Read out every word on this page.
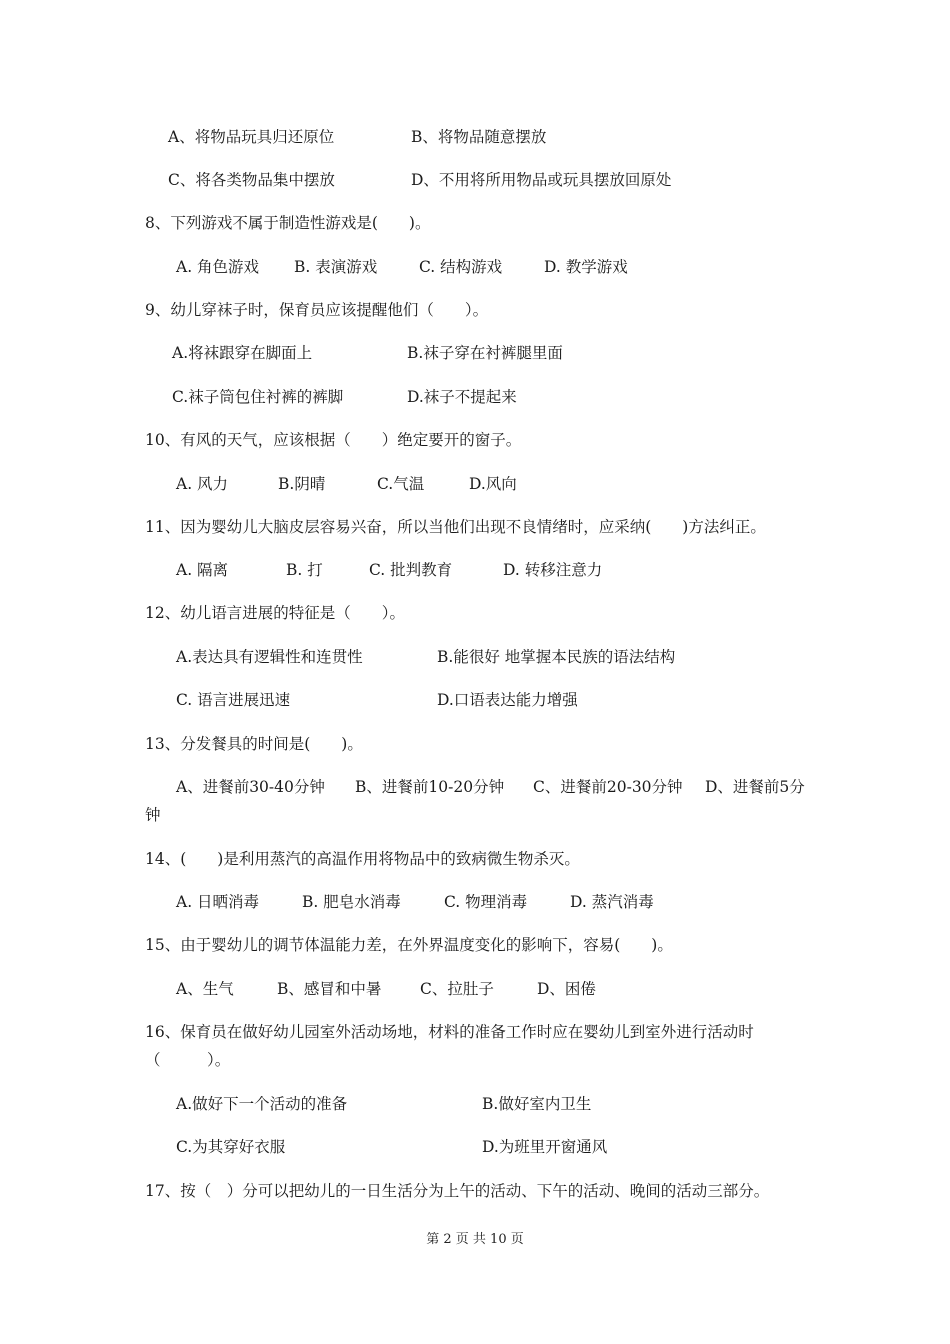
A、将物品玩具归还原位	B、将物品随意摆放
C、将各类物品集中摆放	D、不用将所用物品或玩具摆放回原处
8、下列游戏不属于制造性游戏是(　　)。
A. 角色游戏 B. 表演游戏	C. 结构游戏	D. 教学游戏
9、幼儿穿袜子时，保育员应该提醒他们（　　）。
A.将袜跟穿在脚面上	B.袜子穿在衬裤腿里面
C.袜子筒包住衬裤的裤脚	D.袜子不提起来
10、有风的天气，应该根据（　　）绝定要开的窗子。
A. 风力	B.阴晴	C.气温	D.风向
11、因为婴幼儿大脑皮层容易兴奋，所以当他们出现不良情绪时，应采纳(　　)方法纠正。
A. 隔离	B. 打	C. 批判教育	D. 转移注意力
12、幼儿语言进展的特征是（　　）。
A.表达具有逻辑性和连贯性	B.能很好 地掌握本民族的语法结构
C. 语言进展迅速	D.口语表达能力增强
13、分发餐具的时间是(　　)。
A、进餐前30-40分钟 B、进餐前10-20分钟 C、进餐前20-30分钟 D、进餐前5分
钟
14、(　　)是利用蒸汽的高温作用将物品中的致病微生物杀灭。
A. 日晒消毒	B. 肥皂水消毒	C. 物理消毒	D. 蒸汽消毒
15、由于婴幼儿的调节体温能力差，在外界温度变化的影响下，容易(　　)。
A、生气	B、感冒和中暑 C、拉肚子	D、困倦
16、保育员在做好幼儿园室外活动场地，材料的准备工作时应在婴幼儿到室外进行活动时
（　　　）。
A.做好下一个活动的准备	B.做好室内卫生
C.为其穿好衣服	D.为班里开窗通风
17、按（　）分可以把幼儿的一日生活分为上午的活动、下午的活动、晚间的活动三部分。
第 2 页 共 10 页
